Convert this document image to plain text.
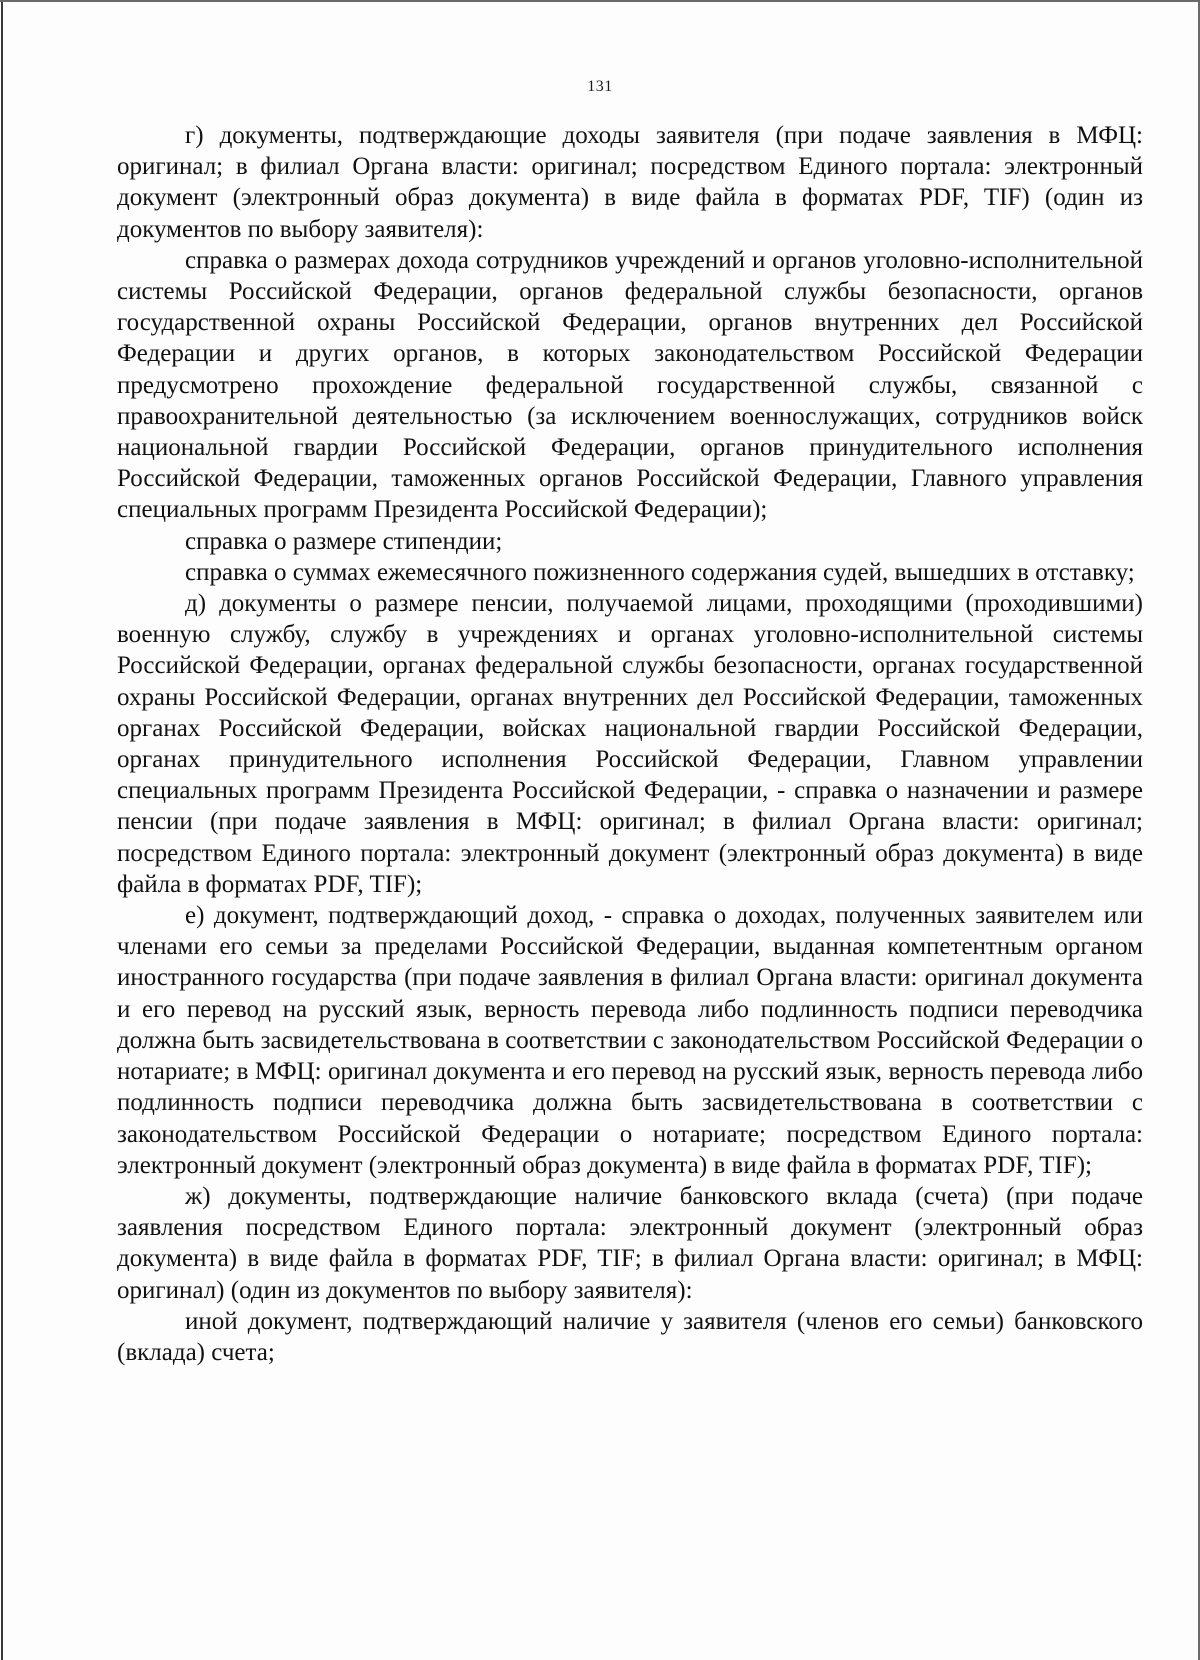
131

г) документы, подтверждающие доходы заявителя (при подаче заявления в МФЦ: оригинал; в филиал Органа власти: оригинал; посредством Единого портала: электронный документ (электронный образ документа) в виде файла в форматах PDF, TIF) (один из документов по выбору заявителя):

справка о размерах дохода сотрудников учреждений и органов уголовно-исполнительной системы Российской Федерации, органов федеральной службы безопасности, органов государственной охраны Российской Федерации, органов внутренних дел Российской Федерации и других органов, в которых законодательством Российской Федерации предусмотрено прохождение федеральной государственной службы, связанной с правоохранительной деятельностью (за исключением военнослужащих, сотрудников войск национальной гвардии Российской Федерации, органов принудительного исполнения Российской Федерации, таможенных органов Российской Федерации, Главного управления специальных программ Президента Российской Федерации);

справка о размере стипендии;

справка о суммах ежемесячного пожизненного содержания судей, вышедших в отставку;

д) документы о размере пенсии, получаемой лицами, проходящими (проходившими) военную службу, службу в учреждениях и органах уголовно-исполнительной системы Российской Федерации, органах федеральной службы безопасности, органах государственной охраны Российской Федерации, органах внутренних дел Российской Федерации, таможенных органах Российской Федерации, войсках национальной гвардии Российской Федерации, органах принудительного исполнения Российской Федерации, Главном управлении специальных программ Президента Российской Федерации, - справка о назначении и размере пенсии (при подаче заявления в МФЦ: оригинал; в филиал Органа власти: оригинал; посредством Единого портала: электронный документ (электронный образ документа) в виде файла в форматах PDF, TIF);

е) документ, подтверждающий доход, - справка о доходах, полученных заявителем или членами его семьи за пределами Российской Федерации, выданная компетентным органом иностранного государства (при подаче заявления в филиал Органа власти: оригинал документа и его перевод на русский язык, верность перевода либо подлинность подписи переводчика должна быть засвидетельствована в соответствии с законодательством Российской Федерации о нотариате; в МФЦ: оригинал документа и его перевод на русский язык, верность перевода либо подлинность подписи переводчика должна быть засвидетельствована в соответствии с законодательством Российской Федерации о нотариате; посредством Единого портала: электронный документ (электронный образ документа) в виде файла в форматах PDF, TIF);

ж) документы, подтверждающие наличие банковского вклада (счета) (при подаче заявления посредством Единого портала: электронный документ (электронный образ документа) в виде файла в форматах PDF, TIF; в филиал Органа власти: оригинал; в МФЦ: оригинал) (один из документов по выбору заявителя):

иной документ, подтверждающий наличие у заявителя (членов его семьи) банковского (вклада) счета;
